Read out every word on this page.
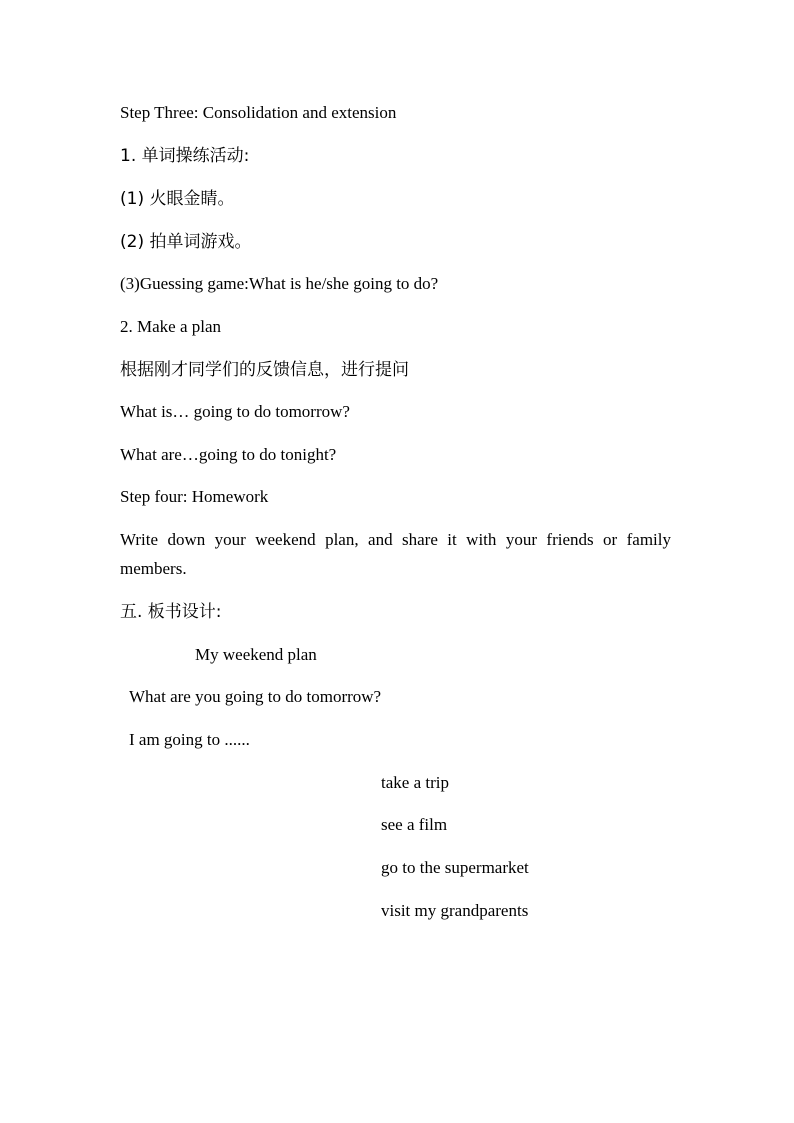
Step Three: Consolidation and extension
1. 单词操练活动:
(1) 火眼金睛。
(2) 拍单词游戏。
(3)Guessing game:What is he/she going to do?
2. Make a plan
根据刚才同学们的反馈信息，进行提问
What is… going to do tomorrow?
What are…going to do tonight?
Step four: Homework
Write down your weekend plan, and share it with your friends or family members.
五. 板书设计:
My weekend plan
What are you going to do tomorrow?
I am going to ......
take a trip
see a film
go to the supermarket
visit my grandparents
